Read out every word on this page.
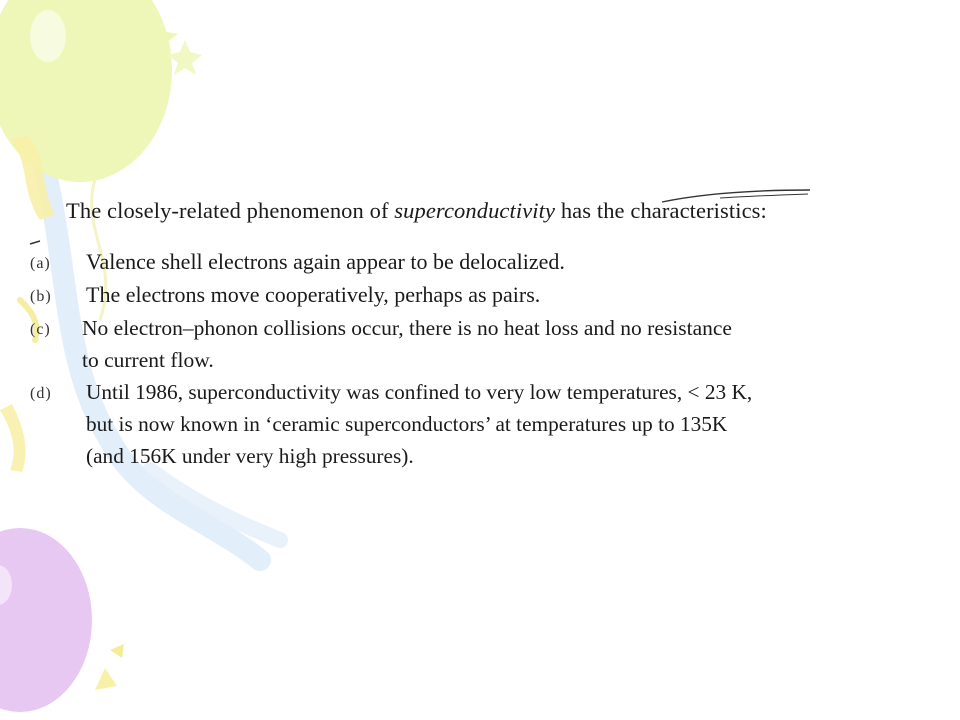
The closely-related phenomenon of superconductivity has the characteristics:
(a) Valence shell electrons again appear to be delocalized.
(b) The electrons move cooperatively, perhaps as pairs.
(c) No electron–phonon collisions occur, there is no heat loss and no resistance
to current flow.
(d) Until 1986, superconductivity was confined to very low temperatures, < 23 K,
but is now known in ‘ceramic superconductors’ at temperatures up to 135K
(and 156K under very high pressures).
